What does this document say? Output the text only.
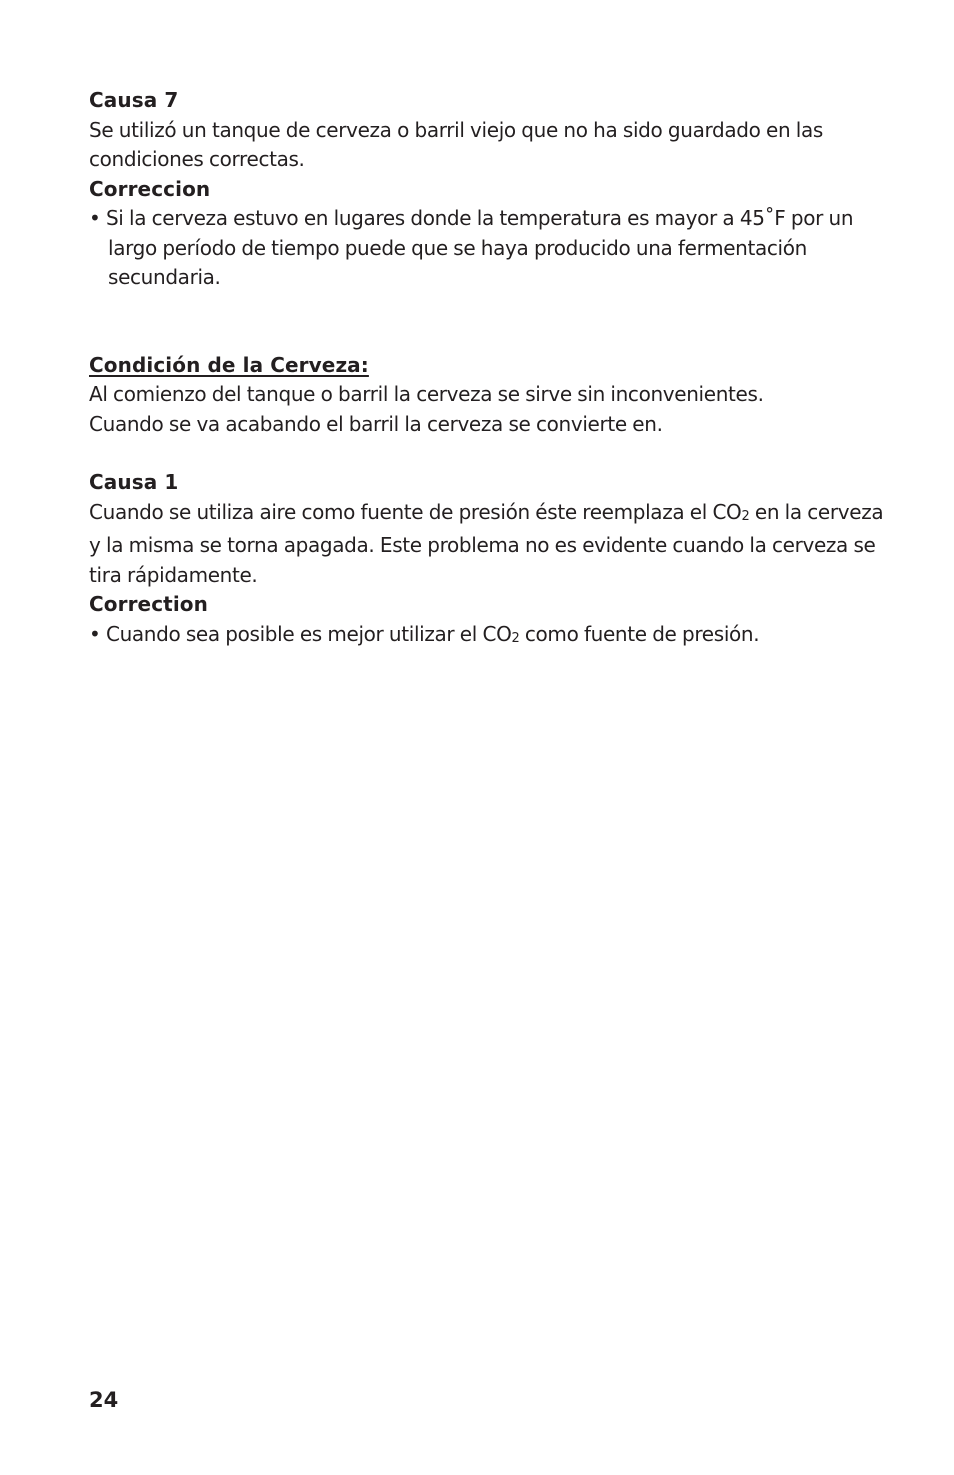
Causa 7
Se utilizó un tanque de cerveza o barril viejo que no ha sido guardado en las
condiciones correctas.
Correccion
• Si la cerveza estuvo en lugares donde la temperatura es mayor a 45˚F por un
largo período de tiempo puede que se haya producido una fermentación
secundaria.
Condición de la Cerveza:
Al comienzo del tanque o barril la cerveza se sirve sin inconvenientes.
Cuando se va acabando el barril la cerveza se convierte en.
Causa 1
Cuando se utiliza aire como fuente de presión éste reemplaza el CO2 en la cerveza
y la misma se torna apagada. Este problema no es evidente cuando la cerveza se
tira rápidamente.
Correction
• Cuando sea posible es mejor utilizar el CO2 como fuente de presión.
24
